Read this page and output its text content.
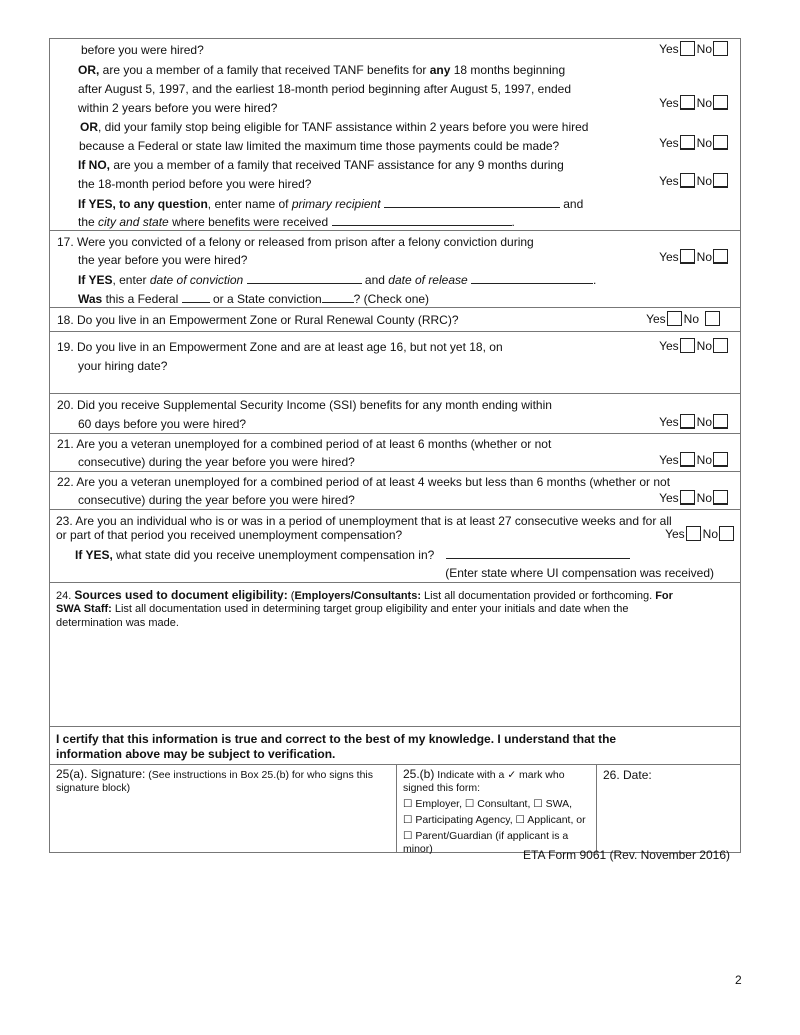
before you were hired?	Yes No
OR, are you a member of a family that received TANF benefits for any 18 months beginning
after August 5, 1997, and the earliest 18-month period beginning after August 5, 1997, ended
within 2 years before you were hired?	Yes No
OR, did your family stop being eligible for TANF assistance within 2 years before you were hired
because a Federal or state law limited the maximum time those payments could be made?	Yes No
If NO, are you a member of a family that received TANF assistance for any 9 months during
the 18-month period before you were hired?	Yes No
If YES, to any question, enter name of primary recipient	and
the city and state where benefits were received	.
17. Were you convicted of a felony or released from prison after a felony conviction during
the year before you were hired?	Yes No
If YES, enter date of conviction	and date of release	.
Was this a Federal  or a State conviction	? (Check one)
18. Do you live in an Empowerment Zone or Rural Renewal County (RRC)?	Yes No
19. Do you live in an Empowerment Zone and are at least age 16, but not yet 18, on
your hiring date?
Yes No
20. Did you receive Supplemental Security Income (SSI) benefits for any month ending within
60 days before you were hired?	Yes No
21. Are you a veteran unemployed for a combined period of at least 6 months (whether or not
consecutive) during the year before you were hired?	Yes No
22. Are you a veteran unemployed for a combined period of at least 4 weeks but less than 6 months (whether or not
consecutive) during the year before you were hired?	Yes No
23. Are you an individual who is or was in a period of unemployment that is at least 27 consecutive weeks and for all
or part of that period you received unemployment compensation?	Yes No
If YES, what state did you receive unemployment compensation in?
(Enter state where UI compensation was received)
24. Sources used to document eligibility: (Employers/Consultants: List all documentation provided or forthcoming. For
SWA Staff: List all documentation used in determining target group eligibility and enter your initials and date when the
determination was made.
I certify that this information is true and correct to the best of my knowledge. I understand that the
information above may be subject to verification.
25(a). Signature: (See instructions in Box 25.(b) for who signs this signature block)
25.(b) Indicate with a ✓ mark who signed this form:
☐ Employer, ☐ Consultant, ☐ SWA,
☐ Participating Agency, ☐ Applicant, or
☐ Parent/Guardian (if applicant is a minor)
26. Date:
ETA Form 9061 (Rev. November 2016)
2
